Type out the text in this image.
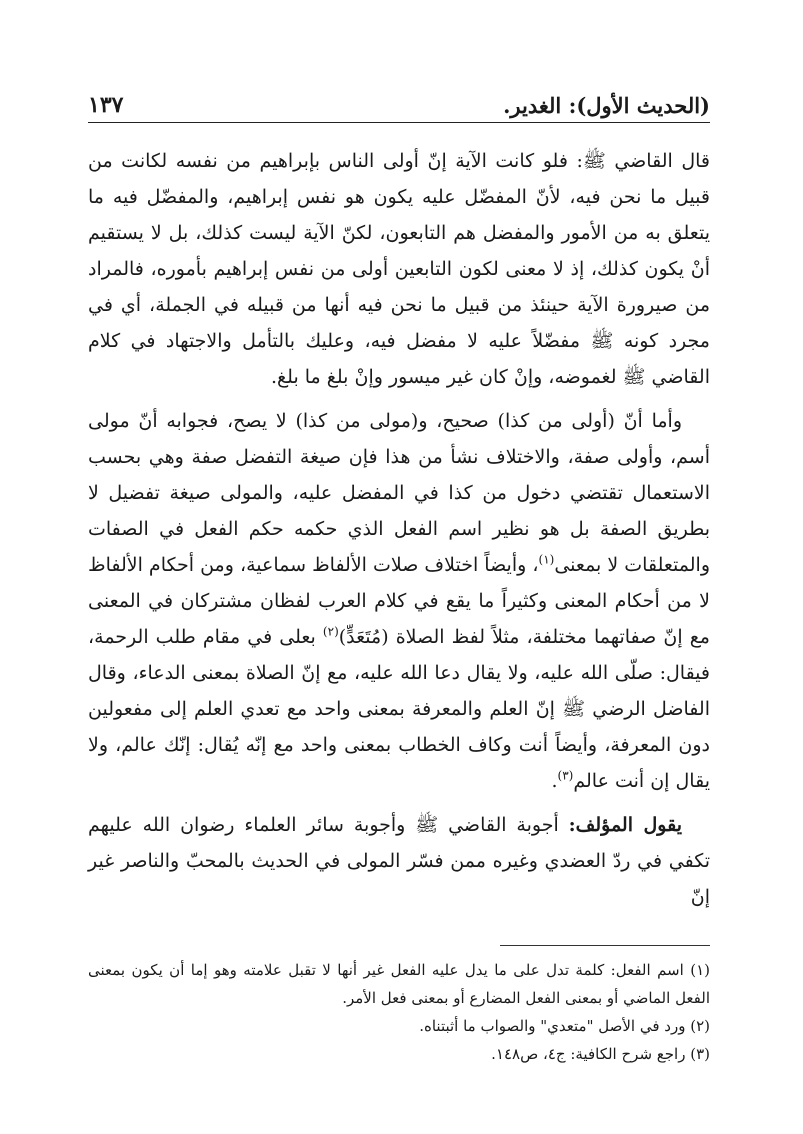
(الحديث الأول): الغدير.
١٣٧

قال القاضي ﷺ: فلو كانت الآية إنّ أولى الناس بإبراهيم من نفسه لكانت من قبيل ما نحن فيه، لأنّ المفضّل عليه يكون هو نفس إبراهيم، والمفضّل فيه ما يتعلق به من الأمور والمفضل هم التابعون، لكنّ الآية ليست كذلك، بل لا يستقيم أنْ يكون كذلك، إذ لا معنى لكون التابعين أولى من نفس إبراهيم بأموره، فالمراد من صيرورة الآية حينئذ من قبيل ما نحن فيه أنها من قبيله في الجملة، أي في مجرد كونه ﷺ مفضّلاً عليه لا مفضل فيه، وعليك بالتأمل والاجتهاد في كلام القاضي ﷺ لغموضه، وإنْ كان غير ميسور وإنْ بلغ ما بلغ.

وأما أنّ (أولى من كذا) صحيح، و(مولى من كذا) لا يصح، فجوابه أنّ مولى أسم، وأولى صفة، والاختلاف نشأ من هذا فإن صيغة التفضل صفة وهي بحسب الاستعمال تقتضي دخول من كذا في المفضل عليه، والمولى صيغة تفضيل لا بطريق الصفة بل هو نظير اسم الفعل الذي حكمه حكم الفعل في الصفات والمتعلقات لا بمعنى$^{(١)}$، وأيضاً اختلاف صلات الألفاظ سماعية، ومن أحكام الألفاظ لا من أحكام المعنى وكثيراً ما يقع في كلام العرب لفظان مشتركان في المعنى مع إنّ صفاتهما مختلفة، مثلاً لفظ الصلاة (مُتَعَدٍّ)$^{(٢)}$ بعلى في مقام طلب الرحمة، فيقال: صلّى الله عليه، ولا يقال دعا الله عليه، مع إنّ الصلاة بمعنى الدعاء، وقال الفاضل الرضي ﷺ إنّ العلم والمعرفة بمعنى واحد مع تعدي العلم إلى مفعولين دون المعرفة، وأيضاً أنت وكاف الخطاب بمعنى واحد مع إنّه يُقال: إنّك عالم، ولا يقال إن أنت عالم$^{(٣)}$.

يقول المؤلف: أجوبة القاضي ﷺ وأجوبة سائر العلماء رضوان الله عليهم تكفي في ردّ العضدي وغيره ممن فسّر المولى في الحديث بالمحبّ والناصر غير إنّ

(١) اسم الفعل: كلمة تدل على ما يدل عليه الفعل غير أنها لا تقبل علامته وهو إما أن يكون بمعنى الفعل الماضي أو بمعنى الفعل المضارع أو بمعنى فعل الأمر.
(٢) ورد في الأصل "متعدي" والصواب ما أثبتناه.
(٣) راجع شرح الكافية: ج٤، ص١٤٨.
